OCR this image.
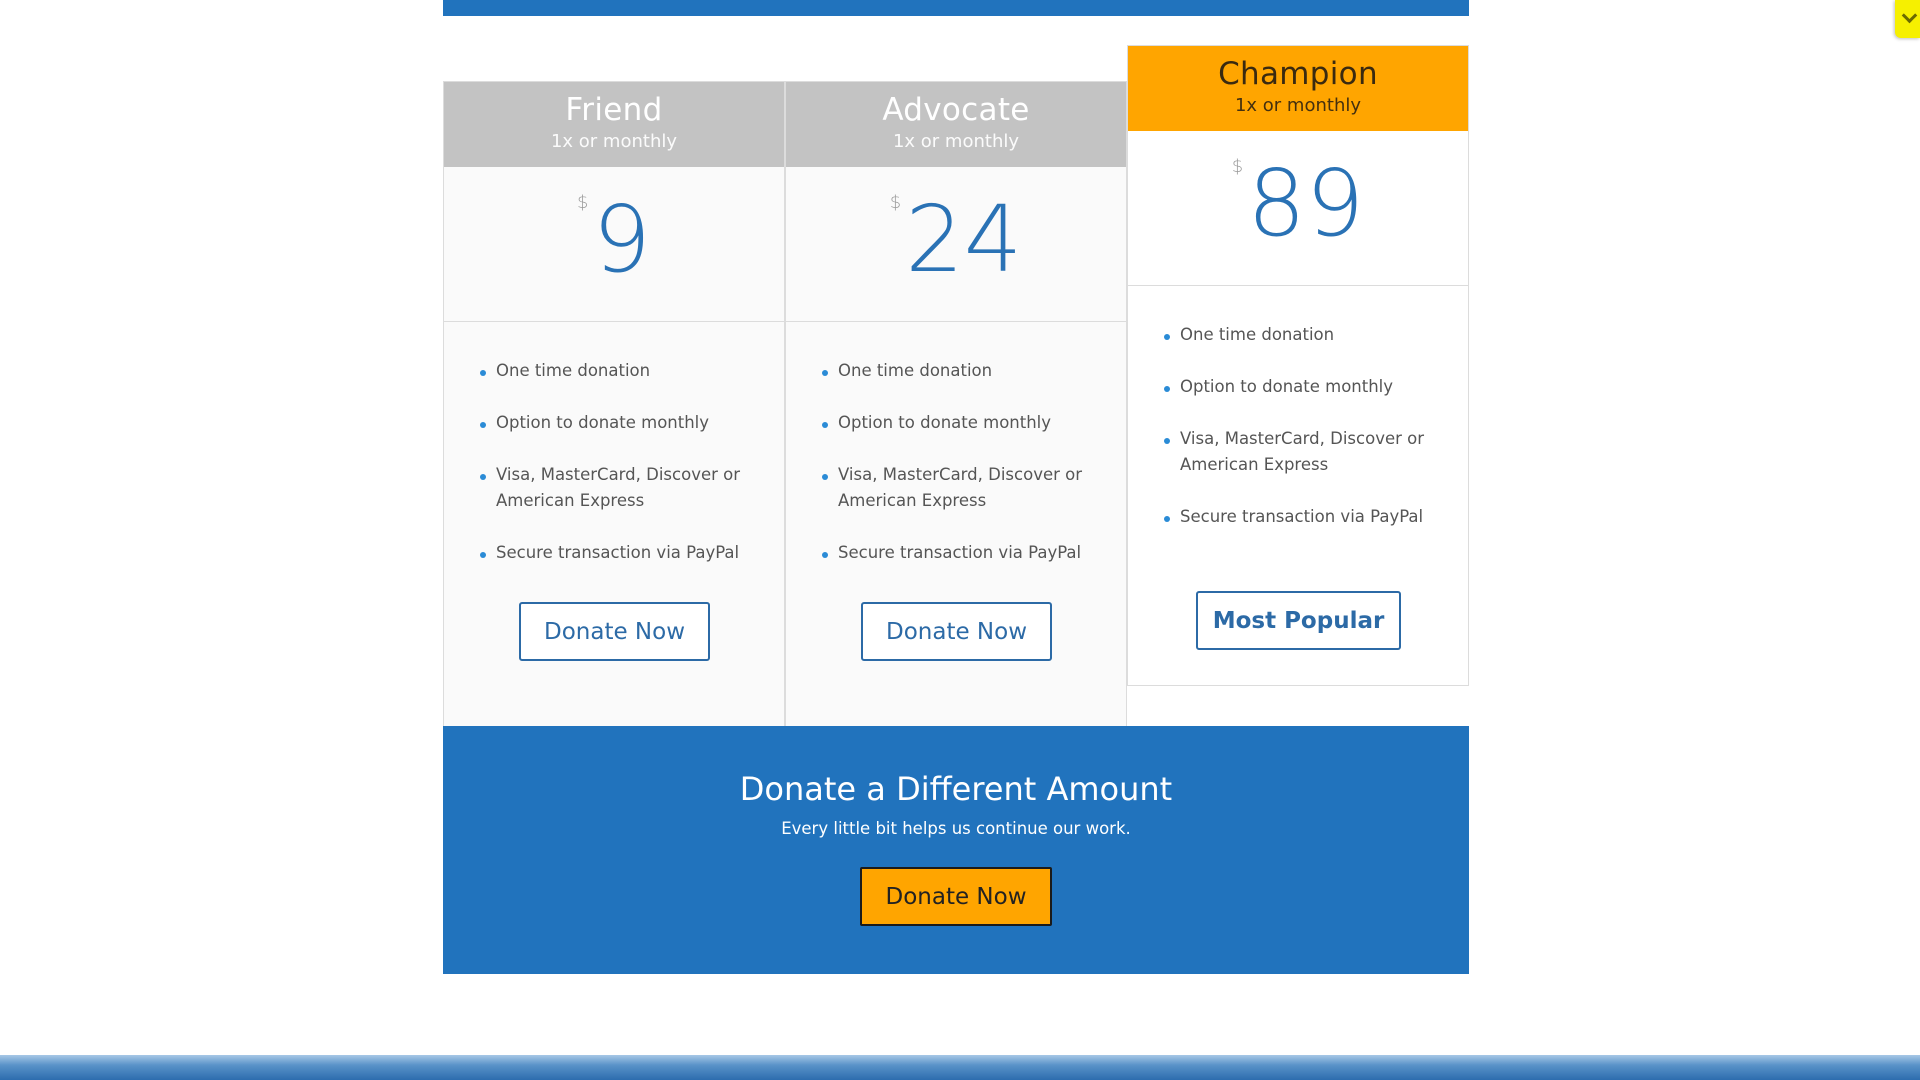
Friend
1x or monthly
$9
One time donation
Option to donate monthly
Visa, MasterCard, Discover or American Express
Secure transaction via PayPal
Donate Now
Advocate
1x or monthly
$24
One time donation
Option to donate monthly
Visa, MasterCard, Discover or American Express
Secure transaction via PayPal
Donate Now
Champion
1x or monthly
$89
One time donation
Option to donate monthly
Visa, MasterCard, Discover or American Express
Secure transaction via PayPal
Most Popular
Donate a Different Amount
Every little bit helps us continue our work.
Donate Now
